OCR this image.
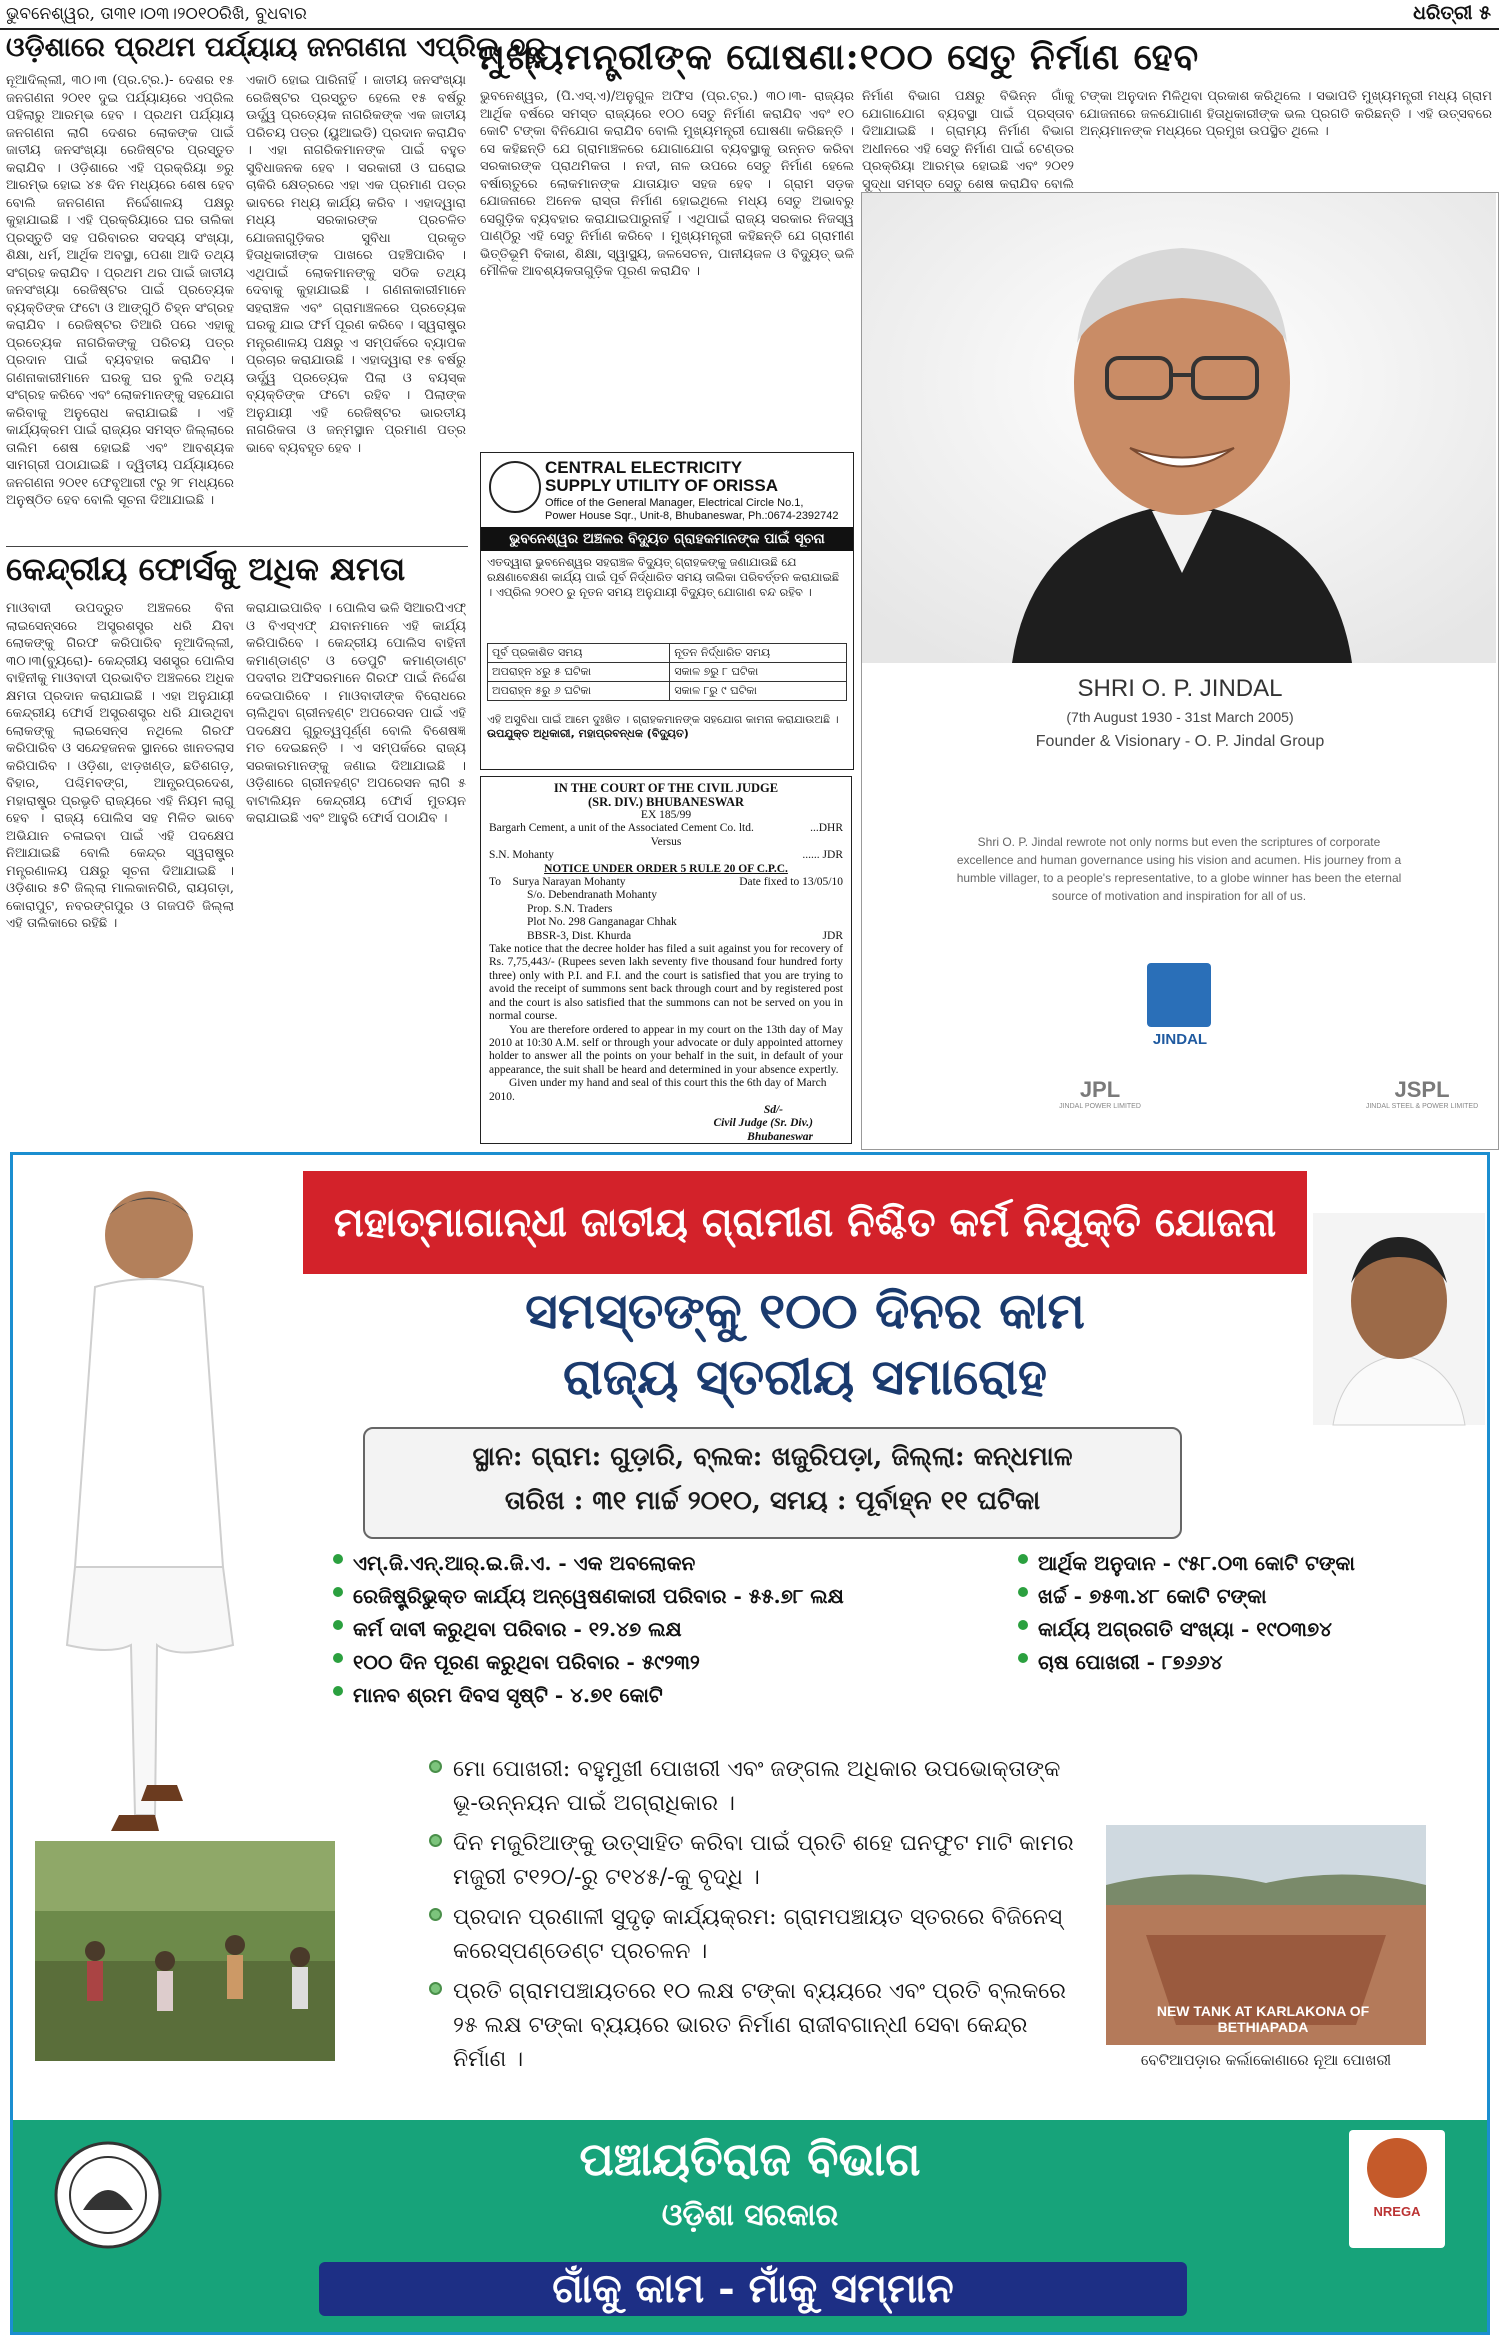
ଭୁବନେଶ୍ୱର, ତା୩୧।୦୩।୨୦୧୦ରିଖି, ବୁଧବାର	ଧରିତ୍ରୀ ୫
ଓଡ଼ିଶାରେ ପ୍ରଥମ ପର୍ଯ୍ୟାୟ ଜନଗଣନା ଏପ୍ରିଲ୍ ୭ରୁ
ନୂଆଦିଲ୍ଲୀ, ୩୦।୩ (ପ୍ର.ଟ୍ର.)- ଦେଶର ୧୫ ଜନଗଣନା ୨୦୧୧ ଦୁଇ ପର୍ଯ୍ୟାୟରେ ଏପ୍ରିଲ ପହିଲାରୁ ଆରମ୍ଭ ହେବ । ପ୍ରଥମ ପର୍ଯ୍ୟାୟ ଜନଗଣନା ଲାଗି ଦେଶର ଲୋକଙ୍କ ପାଇଁ ଜାତୀୟ ଜନସଂଖ୍ୟା ରେଜିଷ୍ଟର ପ୍ରସ୍ତୁତ କରାଯିବ । ଓଡ଼ିଶାରେ ଏହି ପ୍ରକ୍ରିୟା ୭ରୁ ଆରମ୍ଭ ହୋଇ ୪୫ ଦିନ ମଧ୍ୟରେ ଶେଷ ହେବ ବୋଲି ଜନଗଣନା ନିର୍ଦ୍ଦେଶାଳୟ ପକ୍ଷରୁ କୁହାଯାଇଛି । ଏହି ପ୍ରକ୍ରିୟାରେ ଘର ତାଲିକା ପ୍ରସ୍ତୁତି ସହ ପରିବାରର ସଦସ୍ୟ ସଂଖ୍ୟା, ଶିକ୍ଷା, ଧର୍ମ, ଆର୍ଥିକ ଅବସ୍ଥା, ପେଶା ଆଦି ତଥ୍ୟ ସଂଗ୍ରହ କରାଯିବ । ପ୍ରଥମ ଥର ପାଇଁ ଜାତୀୟ ଜନସଂଖ୍ୟା ରେଜିଷ୍ଟର ପାଇଁ ପ୍ରତ୍ୟେକ ବ୍ୟକ୍ତିଙ୍କ ଫଟୋ ଓ ଆଙ୍ଗୁଠି ଚିହ୍ନ ସଂଗ୍ରହ କରାଯିବ । ରେଜିଷ୍ଟର ତିଆରି ପରେ ଏହାକୁ ପ୍ରତ୍ୟେକ ନାଗରିକଙ୍କୁ ପରିଚୟ ପତ୍ର ପ୍ରଦାନ ପାଇଁ ବ୍ୟବହାର କରାଯିବ । ଗଣନାକାରୀମାନେ ଘରକୁ ଘର ବୁଲି ତଥ୍ୟ ସଂଗ୍ରହ କରିବେ ଏବଂ ଲୋକମାନଙ୍କୁ ସହଯୋଗ କରିବାକୁ ଅନୁରୋଧ କରାଯାଇଛି । ଏହି କାର୍ଯ୍ୟକ୍ରମ ପାଇଁ ରାଜ୍ୟର ସମସ୍ତ ଜିଲ୍ଲାରେ ତାଲିମ ଶେଷ ହୋଇଛି ଏବଂ ଆବଶ୍ୟକ ସାମଗ୍ରୀ ପଠାଯାଇଛି । ଦ୍ୱିତୀୟ ପର୍ଯ୍ୟାୟରେ ଜନଗଣନା ୨୦୧୧ ଫେବୃଆରୀ ୯ରୁ ୨୮ ମଧ୍ୟରେ ଅନୁଷ୍ଠିତ ହେବ ବୋଲି ସୂଚନା ଦିଆଯାଇଛି ।
ଏକାଠି ହୋଇ ପାରିନାହିଁ । ଜାତୀୟ ଜନସଂଖ୍ୟା ରେଜିଷ୍ଟର ପ୍ରସ୍ତୁତ ହେଲେ ୧୫ ବର୍ଷରୁ ଊର୍ଦ୍ଧ୍ୱ ପ୍ରତ୍ୟେକ ନାଗରିକଙ୍କ ଏକ ଜାତୀୟ ପରିଚୟ ପତ୍ର (ୟୁଆଇଡି) ପ୍ରଦାନ କରାଯିବ । ଏହା ନାଗରିକମାନଙ୍କ ପାଇଁ ବହୁତ ସୁବିଧାଜନକ ହେବ । ସରକାରୀ ଓ ଘରୋଇ ଚାକିରି କ୍ଷେତ୍ରରେ ଏହା ଏକ ପ୍ରମାଣ ପତ୍ର ଭାବରେ ମଧ୍ୟ କାର୍ଯ୍ୟ କରିବ । ଏହାଦ୍ୱାରା ମଧ୍ୟ ସରକାରଙ୍କ ପ୍ରଚଳିତ ଯୋଜନାଗୁଡ଼ିକର ସୁବିଧା ପ୍ରକୃତ ହିତାଧିକାରୀଙ୍କ ପାଖରେ ପହଞ୍ଚିପାରିବ । ଏଥିପାଇଁ ଲୋକମାନଙ୍କୁ ସଠିକ ତଥ୍ୟ ଦେବାକୁ କୁହାଯାଇଛି । ଗଣନାକାରୀମାନେ ସହରାଞ୍ଚଳ ଏବଂ ଗ୍ରାମାଞ୍ଚଳରେ ପ୍ରତ୍ୟେକ ଘରକୁ ଯାଇ ଫର୍ମ ପୂରଣ କରିବେ । ସ୍ୱରାଷ୍ଟ୍ର ମନ୍ତ୍ରଣାଳୟ ପକ୍ଷରୁ ଏ ସମ୍ପର୍କରେ ବ୍ୟାପକ ପ୍ରଚାର କରାଯାଉଛି । ଏହାଦ୍ୱାରା ୧୫ ବର୍ଷରୁ ଊର୍ଦ୍ଧ୍ୱ ପ୍ରତ୍ୟେକ ପିଲା ଓ ବୟସ୍କ ବ୍ୟକ୍ତିଙ୍କ ଫଟୋ ରହିବ । ପିଲାଙ୍କ ଅନୁଯାୟୀ ଏହି ରେଜିଷ୍ଟର ଭାରତୀୟ ନାଗରିକତା ଓ ଜନ୍ମସ୍ଥାନ ପ୍ରମାଣ ପତ୍ର ଭାବେ ବ୍ୟବହୃତ ହେବ ।
ମୁଖ୍ୟମନ୍ତ୍ରୀଙ୍କ ଘୋଷଣା:୧୦୦ ସେତୁ ନିର୍ମାଣ ହେବ
ଭୁବନେଶ୍ୱର, (ପି.ଏସ୍.ଏ)/ଅନୁଗୁଳ ଅଫିସ (ପ୍ର.ଟ୍ର.) ୩୦।୩- ରାଜ୍ୟର ଆର୍ଥିକ ବର୍ଷରେ ସମସ୍ତ ରାଜ୍ୟରେ ୧୦୦ ସେତୁ ନିର୍ମାଣ କରାଯିବ ଏବଂ ୧୦ କୋଟି ଟଙ୍କା ବିନିଯୋଗ କରାଯିବ ବୋଲି ମୁଖ୍ୟମନ୍ତ୍ରୀ ଘୋଷଣା କରିଛନ୍ତି । ସେ କହିଛନ୍ତି ଯେ ଗ୍ରାମାଞ୍ଚଳରେ ଯୋଗାଯୋଗ ବ୍ୟବସ୍ଥାକୁ ଉନ୍ନତ କରିବା ସରକାରଙ୍କ ପ୍ରାଥମିକତା । ନଦୀ, ନାଳ ଉପରେ ସେତୁ ନିର୍ମାଣ ହେଲେ ବର୍ଷାଋତୁରେ ଲୋକମାନଙ୍କ ଯାତାୟାତ ସହଜ ହେବ । ଗ୍ରାମ ସଡ଼କ ଯୋଜନାରେ ଅନେକ ରାସ୍ତା ନିର୍ମାଣ ହୋଇଥିଲେ ମଧ୍ୟ ସେତୁ ଅଭାବରୁ ସେଗୁଡ଼ିକ ବ୍ୟବହାର କରାଯାଇପାରୁନାହିଁ । ଏଥିପାଇଁ ରାଜ୍ୟ ସରକାର ନିଜସ୍ୱ ପାଣ୍ଠିରୁ ଏହି ସେତୁ ନିର୍ମାଣ କରିବେ । ମୁଖ୍ୟମନ୍ତ୍ରୀ କହିଛନ୍ତି ଯେ ଗ୍ରାମୀଣ ଭିତ୍ତିଭୂମି ବିକାଶ, ଶିକ୍ଷା, ସ୍ୱାସ୍ଥ୍ୟ, ଜଳସେଚନ, ପାନୀୟଜଳ ଓ ବିଦ୍ୟୁତ୍ ଭଳି ମୌଳିକ ଆବଶ୍ୟକତାଗୁଡ଼ିକ ପୂରଣ କରାଯିବ ।
ନିର୍ମାଣ ବିଭାଗ ପକ୍ଷରୁ ବିଭିନ୍ନ ଗାଁକୁ ଯୋଗାଯୋଗ ବ୍ୟବସ୍ଥା ପାଇଁ ପ୍ରସ୍ତାବ ଦିଆଯାଇଛି । ଗ୍ରାମ୍ୟ ନିର୍ମାଣ ବିଭାଗ ଅଧୀନରେ ଏହି ସେତୁ ନିର୍ମାଣ ପାଇଁ ଟେଣ୍ଡର ପ୍ରକ୍ରିୟା ଆରମ୍ଭ ହୋଇଛି ଏବଂ ୨୦୧୨ ସୁଦ୍ଧା ସମସ୍ତ ସେତୁ ଶେଷ କରାଯିବ ବୋଲି
ଟଙ୍କା ଅନୁଦାନ ମିଳିଥିବା ପ୍ରକାଶ କରିଥିଲେ । ସଭାପତି ମୁଖ୍ୟମନ୍ତ୍ରୀ ମଧ୍ୟ ଗ୍ରାମ ଯୋଜନାରେ ଜଳଯୋଗାଣ ହିତାଧିକାରୀଙ୍କ ଭଲ ପ୍ରଗତି କରିଛନ୍ତି । ଏହି ଉତ୍ସବରେ ଅନ୍ୟମାନଙ୍କ ମଧ୍ୟରେ ପ୍ରମୁଖ ଉପସ୍ଥିତ ଥିଲେ ।
କେନ୍ଦ୍ରୀୟ ଫୋର୍ସକୁ ଅଧିକ କ୍ଷମତା
ମାଓବାଦୀ ଉପଦ୍ରୁତ ଅଞ୍ଚଳରେ ବିନା ଲାଇସେନ୍ସରେ ଅସ୍ତ୍ରଶସ୍ତ୍ର ଧରି ଯିବା ଲୋକଙ୍କୁ ଗିରଫ କରିପାରିବ ନୂଆଦିଲ୍ଲୀ, ୩୦।୩(ବ୍ୟୁରୋ)- କେନ୍ଦ୍ରୀୟ ସଶସ୍ତ୍ର ପୋଲିସ ବାହିନୀକୁ ମାଓବାଦୀ ପ୍ରଭାବିତ ଅଞ୍ଚଳରେ ଅଧିକ କ୍ଷମତା ପ୍ରଦାନ କରାଯାଇଛି । ଏହା ଅନୁଯାୟୀ କେନ୍ଦ୍ରୀୟ ଫୋର୍ସ ଅସ୍ତ୍ରଶସ୍ତ୍ର ଧରି ଯାଉଥିବା ଲୋକଙ୍କୁ ଲାଇସେନ୍ସ ନଥିଲେ ଗିରଫ କରିପାରିବ ଓ ସନ୍ଦେହଜନକ ସ୍ଥାନରେ ଖାନତଲାସ କରିପାରିବ । ଓଡ଼ିଶା, ଝାଡ଼ଖଣ୍ଡ, ଛତିଶଗଡ଼, ବିହାର, ପଶ୍ଚିମବଙ୍ଗ, ଆନ୍ଧ୍ରପ୍ରଦେଶ, ମହାରାଷ୍ଟ୍ର ପ୍ରଭୃତି ରାଜ୍ୟରେ ଏହି ନିୟମ ଲାଗୁ ହେବ । ରାଜ୍ୟ ପୋଲିସ ସହ ମିଳିତ ଭାବେ ଅଭିଯାନ ଚଳାଇବା ପାଇଁ ଏହି ପଦକ୍ଷେପ ନିଆଯାଇଛି ବୋଲି କେନ୍ଦ୍ର ସ୍ୱରାଷ୍ଟ୍ର ମନ୍ତ୍ରଣାଳୟ ପକ୍ଷରୁ ସୂଚନା ଦିଆଯାଇଛି । ଓଡ଼ିଶାର ୫ଟି ଜିଲ୍ଲା ମାଲକାନଗିରି, ରାୟଗଡ଼ା, କୋରାପୁଟ, ନବରଙ୍ଗପୁର ଓ ଗଜପତି ଜିଲ୍ଲା ଏହି ତାଲିକାରେ ରହିଛି ।
କରାଯାଇପାରିବ । ପୋଲିସ ଭଳି ସିଆରପିଏଫ୍ ଓ ବିଏସ୍ଏଫ୍ ଯବାନମାନେ ଏହି କାର୍ଯ୍ୟ କରିପାରିବେ । କେନ୍ଦ୍ରୀୟ ପୋଲିସ ବାହିନୀ କମାଣ୍ଡାଣ୍ଟ ଓ ଡେପୁଟି କମାଣ୍ଡାଣ୍ଟ ପଦବୀର ଅଫିସରମାନେ ଗିରଫ ପାଇଁ ନିର୍ଦ୍ଦେଶ ଦେଇପାରିବେ । ମାଓବାଦୀଙ୍କ ବିରୋଧରେ ଚାଲିଥିବା ଗ୍ରୀନହଣ୍ଟ ଅପରେସନ ପାଇଁ ଏହି ପଦକ୍ଷେପ ଗୁରୁତ୍ୱପୂର୍ଣ୍ଣ ବୋଲି ବିଶେଷଜ୍ଞ ମତ ଦେଇଛନ୍ତି । ଏ ସମ୍ପର୍କରେ ରାଜ୍ୟ ସରକାରମାନଙ୍କୁ ଜଣାଇ ଦିଆଯାଇଛି । ଓଡ଼ିଶାରେ ଗ୍ରୀନହଣ୍ଟ ଅପରେସନ ଲାଗି ୫ ବାଟାଲିୟନ କେନ୍ଦ୍ରୀୟ ଫୋର୍ସ ମୁତୟନ କରାଯାଇଛି ଏବଂ ଆହୁରି ଫୋର୍ସ ପଠାଯିବ ।
CENTRAL ELECTRICITY
SUPPLY UTILITY OF ORISSA
Office of the General Manager, Electrical Circle No.1,
Power House Sqr., Unit-8, Bhubaneswar, Ph.:0674-2392742
ଭୁବନେଶ୍ୱର ଅଞ୍ଚଳର ବିଦ୍ୟୁତ ଗ୍ରାହକମାନଙ୍କ ପାଇଁ ସୂଚନା
ଏତଦ୍ୱାରା ଭୁବନେଶ୍ୱର ସହରାଞ୍ଚଳ ବିଦ୍ୟୁତ୍ ଗ୍ରାହକଙ୍କୁ ଜଣାଯାଉଛି ଯେ ରକ୍ଷଣାବେକ୍ଷଣ କାର୍ଯ୍ୟ ପାଇଁ ପୂର୍ବ ନିର୍ଦ୍ଧାରିତ ସମୟ ତାଲିକା ପରିବର୍ତ୍ତନ କରାଯାଇଛି । ଏପ୍ରିଲ ୨୦୧୦ ରୁ ନୂତନ ସମୟ ଅନୁଯାୟୀ ବିଦ୍ୟୁତ୍ ଯୋଗାଣ ବନ୍ଦ ରହିବ ।
ପୂର୍ବ ପ୍ରକାଶିତ ସମୟ	ନୂତନ ନିର୍ଦ୍ଧାରିତ ସମୟ
ଅପରାହ୍ନ ୪ରୁ ୫ ଘଟିକା	ସକାଳ ୭ରୁ ୮ ଘଟିକା
ଅପରାହ୍ନ ୫ରୁ ୬ ଘଟିକା	ସକାଳ ୮ରୁ ୯ ଘଟିକା
ଏହି ଅସୁବିଧା ପାଇଁ ଆମେ ଦୁଃଖିତ । ଗ୍ରାହକମାନଙ୍କ ସହଯୋଗ କାମନା କରାଯାଉଅଛି ।
ଉପଯୁକ୍ତ ଅଧିକାରୀ, ମହାପ୍ରବନ୍ଧକ (ବିଦ୍ୟୁତ)
IN THE COURT OF THE CIVIL JUDGE
(SR. DIV.) BHUBANESWAR
EX 185/99
Bargarh Cement, a unit of the Associated Cement Co. ltd.	...DHR
Versus
S.N. Mohanty	...... JDR
NOTICE UNDER ORDER 5 RULE 20 OF C.P.C.
To Surya Narayan Mohanty	Date fixed to 13/05/10
S/o. Debendranath Mohanty
Prop. S.N. Traders
Plot No. 298 Ganganagar Chhak
BBSR-3, Dist. Khurda	JDR
Take notice that the decree holder has filed a suit against you for recovery of Rs. 7,75,443/- (Rupees seven lakh seventy five thousand four hundred forty three) only with P.I. and F.I. and the court is satisfied that you are trying to avoid the receipt of summons sent back through court and by registered post and the court is also satisfied that the summons can not be served on you in normal course.
You are therefore ordered to appear in my court on the 13th day of May 2010 at 10:30 A.M. self or through your advocate or duly appointed attorney holder to answer all the points on your behalf in the suit, in default of your appearance, the suit shall be heard and determined in your absence expertly.
Given under my hand and seal of this court this the 6th day of March 2010.
Sd/-
Civil Judge (Sr. Div.)
Bhubaneswar
SHRI O. P. JINDAL
(7th August 1930 - 31st March 2005)
Founder & Visionary - O. P. Jindal Group
Shri O. P. Jindal rewrote not only norms but even the scriptures of corporate excellence and human governance using his vision and acumen. His journey from a humble villager, to a people's representative, to a globe winner has been the eternal source of motivation and inspiration for all of us.
JINDAL
JPL
JINDAL POWER LIMITED
JSPL
JINDAL STEEL & POWER LIMITED
ମହାତ୍ମାଗାନ୍ଧୀ ଜାତୀୟ ଗ୍ରାମୀଣ ନିଶ୍ଚିତ କର୍ମ ନିଯୁକ୍ତି ଯୋଜନା
ସମସ୍ତଙ୍କୁ ୧୦୦ ଦିନର କାମ
ରାଜ୍ୟ ସ୍ତରୀୟ ସମାରୋହ
ସ୍ଥାନ: ଗ୍ରାମ: ଗୁଡ଼ାରି, ବ୍ଲକ: ଖଜୁରିପଡ଼ା, ଜିଲ୍ଲା: କନ୍ଧମାଳ
ତାରିଖ : ୩୧ ମାର୍ଚ୍ଚ ୨୦୧୦, ସମୟ : ପୂର୍ବାହ୍ନ ୧୧ ଘଟିକା
ଏମ୍.ଜି.ଏନ୍.ଆର୍.ଇ.ଜି.ଏ. - ଏକ ଅବଲୋକନ
ରେଜିଷ୍ଟ୍ରିଭୁକ୍ତ କାର୍ଯ୍ୟ ଅନ୍ୱେଷଣକାରୀ ପରିବାର - ୫୫.୭୮ ଲକ୍ଷ
କର୍ମ ଦାବୀ କରୁଥିବା ପରିବାର - ୧୨.୪୭ ଲକ୍ଷ
୧୦୦ ଦିନ ପୂରଣ କରୁଥିବା ପରିବାର - ୫୯୨୩୨
ମାନବ ଶ୍ରମ ଦିବସ ସୃଷ୍ଟି - ୪.୭୧ କୋଟି
ଆର୍ଥିକ ଅନୁଦାନ - ୯୫୮.୦୩ କୋଟି ଟଙ୍କା
ଖର୍ଚ୍ଚ - ୭୫୩.୪୮ କୋଟି ଟଙ୍କା
କାର୍ଯ୍ୟ ଅଗ୍ରଗତି ସଂଖ୍ୟା - ୧୯୦୩୭୪
ଚାଷ ପୋଖରୀ - ୮୭୬୬୪
ମୋ ପୋଖରୀ: ବହୁମୁଖୀ ପୋଖରୀ ଏବଂ ଜଙ୍ଗଲ ଅଧିକାର ଉପଭୋକ୍ତାଙ୍କ ଭୂ-ଉନ୍ନୟନ ପାଇଁ ଅଗ୍ରାଧିକାର ।
ଦିନ ମଜୁରିଆଙ୍କୁ ଉତ୍ସାହିତ କରିବା ପାଇଁ ପ୍ରତି ଶହେ ଘନଫୁଟ ମାଟି କାମର ମଜୁରୀ ଟ୧୨୦/-ରୁ ଟ୧୪୫/-କୁ ବୃଦ୍ଧି ।
ପ୍ରଦାନ ପ୍ରଣାଳୀ ସୁଦୃଢ଼ କାର୍ଯ୍ୟକ୍ରମ: ଗ୍ରାମପଞ୍ଚାୟତ ସ୍ତରରେ ବିଜିନେସ୍ କରେସ୍ପଣ୍ଡେଣ୍ଟ ପ୍ରଚଳନ ।
ପ୍ରତି ଗ୍ରାମପଞ୍ଚାୟତରେ ୧୦ ଲକ୍ଷ ଟଙ୍କା ବ୍ୟୟରେ ଏବଂ ପ୍ରତି ବ୍ଲକରେ ୨୫ ଲକ୍ଷ ଟଙ୍କା ବ୍ୟୟରେ ଭାରତ ନିର୍ମାଣ ରାଜୀବଗାନ୍ଧୀ ସେବା କେନ୍ଦ୍ର ନିର୍ମାଣ ।
NEW TANK AT KARLAKONA OF BETHIAPADA
ବେଟିଆପଡ଼ାର କର୍ଲାକୋଣାରେ ନୂଆ ପୋଖରୀ
ପଞ୍ଚାୟତିରାଜ ବିଭାଗ
ଓଡ଼ିଶା ସରକାର
ଗାଁକୁ କାମ - ମାଁକୁ ସମ୍ମାନ
NREGA
